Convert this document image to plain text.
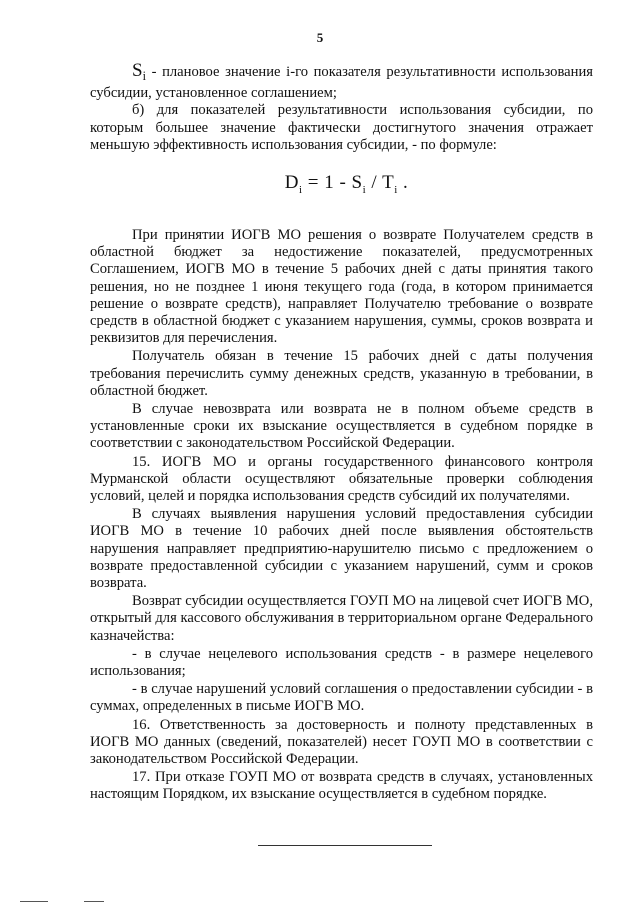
5

$S_i$ - плановое значение i-го показателя результативности использования субсидии, установленное соглашением;

б) для показателей результативности использования субсидии, по которым большее значение фактически достигнутого значения отражает меньшую эффективность использования субсидии, - по формуле:

$D_i = 1 - S_i / T_i$ .

При принятии ИОГВ МО решения о возврате Получателем средств в областной бюджет за недостижение показателей, предусмотренных Соглашением, ИОГВ МО в течение 5 рабочих дней с даты принятия такого решения, но не позднее 1 июня текущего года (года, в котором принимается решение о возврате средств), направляет Получателю требование о возврате средств в областной бюджет с указанием нарушения, суммы, сроков возврата и реквизитов для перечисления.

Получатель обязан в течение 15 рабочих дней с даты получения требования перечислить сумму денежных средств, указанную в требовании, в областной бюджет.

В случае невозврата или возврата не в полном объеме средств в установленные сроки их взыскание осуществляется в судебном порядке в соответствии с законодательством Российской Федерации.

15. ИОГВ МО и органы государственного финансового контроля Мурманской области осуществляют обязательные проверки соблюдения условий, целей и порядка использования средств субсидий их получателями.

В случаях выявления нарушения условий предоставления субсидии ИОГВ МО в течение 10 рабочих дней после выявления обстоятельств нарушения направляет предприятию-нарушителю письмо с предложением о возврате предоставленной субсидии с указанием нарушений, сумм и сроков возврата.

Возврат субсидии осуществляется ГОУП МО на лицевой счет ИОГВ МО, открытый для кассового обслуживания в территориальном органе Федерального казначейства:

- в случае нецелевого использования средств - в размере нецелевого использования;

- в случае нарушений условий соглашения о предоставлении субсидии - в суммах, определенных в письме ИОГВ МО.

16. Ответственность за достоверность и полноту представленных в ИОГВ МО данных (сведений, показателей) несет ГОУП МО в соответствии с законодательством Российской Федерации.

17. При отказе ГОУП МО от возврата средств в случаях, установленных настоящим Порядком, их взыскание осуществляется в судебном порядке.
